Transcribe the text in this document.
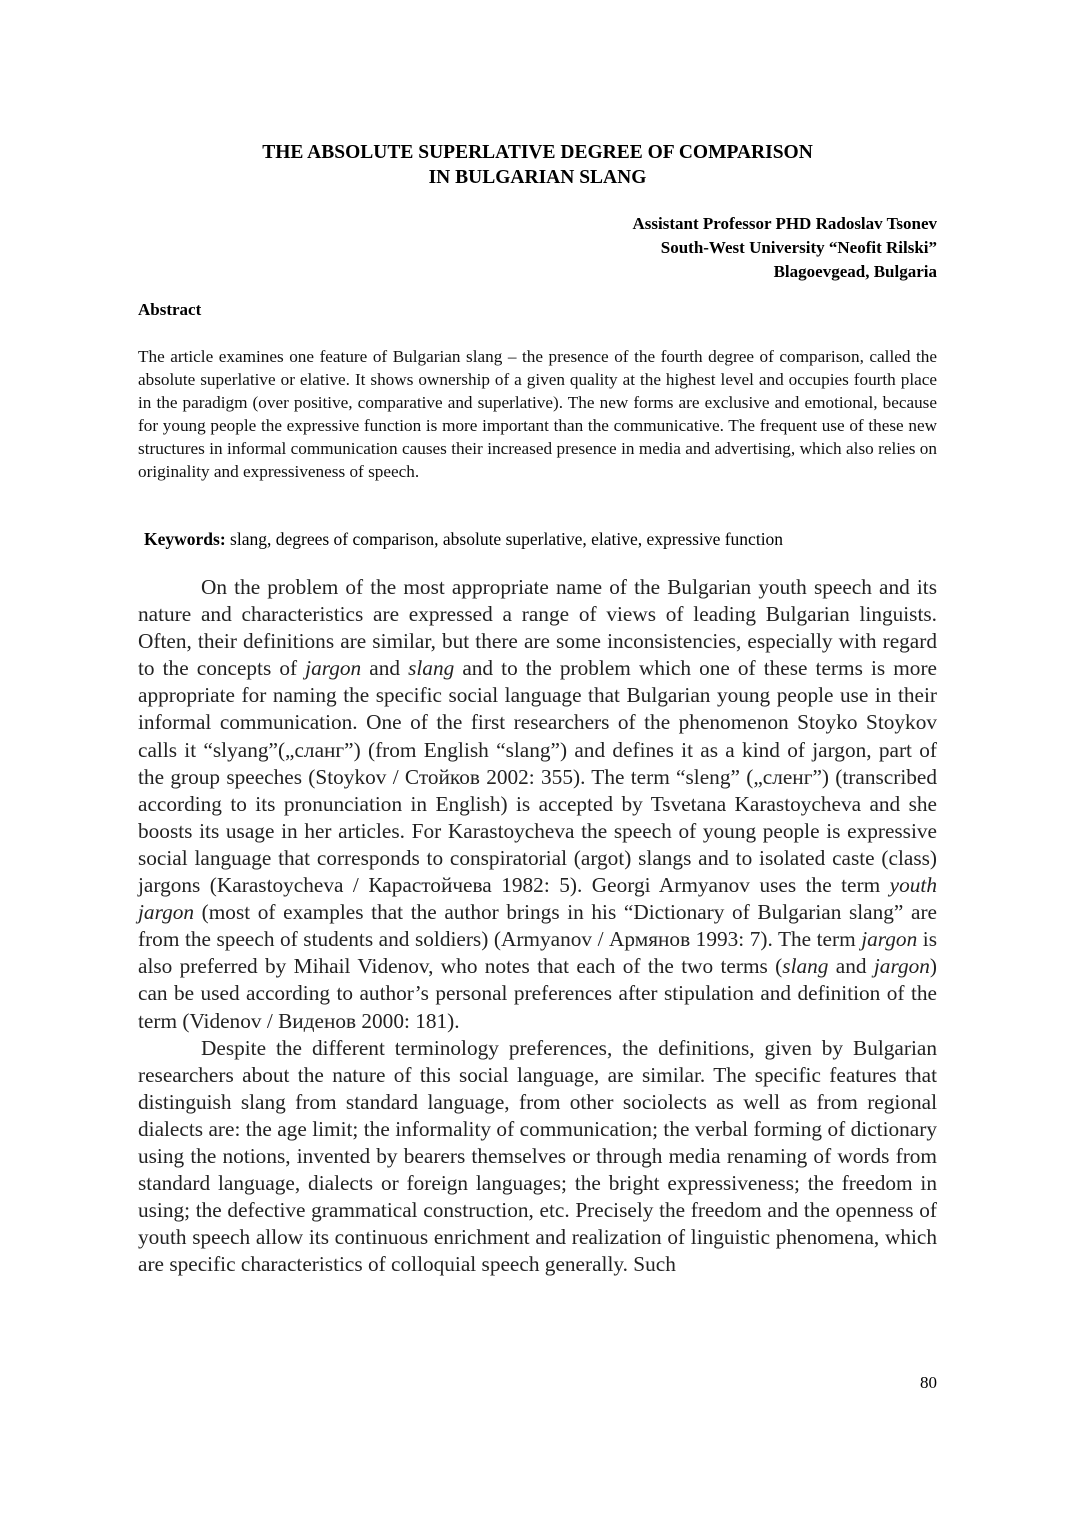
THE ABSOLUTE SUPERLATIVE DEGREE OF COMPARISON
IN BULGARIAN SLANG
Assistant Professor PHD Radoslav Tsonev
South-West University “Neofit Rilski”
Blagoevgead, Bulgaria
Abstract

The article examines one feature of Bulgarian slang – the presence of the fourth degree of comparison, called the absolute superlative or elative. It shows ownership of a given quality at the highest level and occupies fourth place in the paradigm (over positive, comparative and superlative). The new forms are exclusive and emotional, because for young people the expressive function is more important than the communicative. The frequent use of these new structures in informal communication causes their increased presence in media and advertising, which also relies on originality and expressiveness of speech.

Keywords: slang, degrees of comparison, absolute superlative, elative, expressive function

On the problem of the most appropriate name of the Bulgarian youth speech and its nature and characteristics are expressed a range of views of leading Bulgarian linguists. Often, their definitions are similar, but there are some inconsistencies, especially with regard to the concepts of jargon and slang and to the problem which one of these terms is more appropriate for naming the specific social language that Bulgarian young people use in their informal communication. One of the first researchers of the phenomenon Stoyko Stoykov calls it “slyang”(„сланг”) (from English “slang”) and defines it as a kind of jargon, part of the group speeches (Stoykov / Стойков 2002: 355). The term “sleng” („сленг”) (transcribed according to its pronunciation in English) is accepted by Tsvetana Karastoycheva and she boosts its usage in her articles. For Karastoycheva the speech of young people is expressive social language that corresponds to conspiratorial (argot) slangs and to isolated caste (class) jargons (Karastoycheva / Карастойчева 1982: 5). Georgi Armyanov uses the term youth jargon (most of examples that the author brings in his “Dictionary of Bulgarian slang” are from the speech of students and soldiers) (Armyanov / Армянов 1993: 7). The term jargon is also preferred by Mihail Videnov, who notes that each of the two terms (slang and jargon) can be used according to author’s personal preferences after stipulation and definition of the term (Videnov / Виденов 2000: 181).

Despite the different terminology preferences, the definitions, given by Bulgarian researchers about the nature of this social language, are similar. The specific features that distinguish slang from standard language, from other sociolects as well as from regional dialects are: the age limit; the informality of communication; the verbal forming of dictionary using the notions, invented by bearers themselves or through media renaming of words from standard language, dialects or foreign languages; the bright expressiveness; the freedom in using; the defective grammatical construction, etc. Precisely the freedom and the openness of youth speech allow its continuous enrichment and realization of linguistic phenomena, which are specific characteristics of colloquial speech generally. Such

80
